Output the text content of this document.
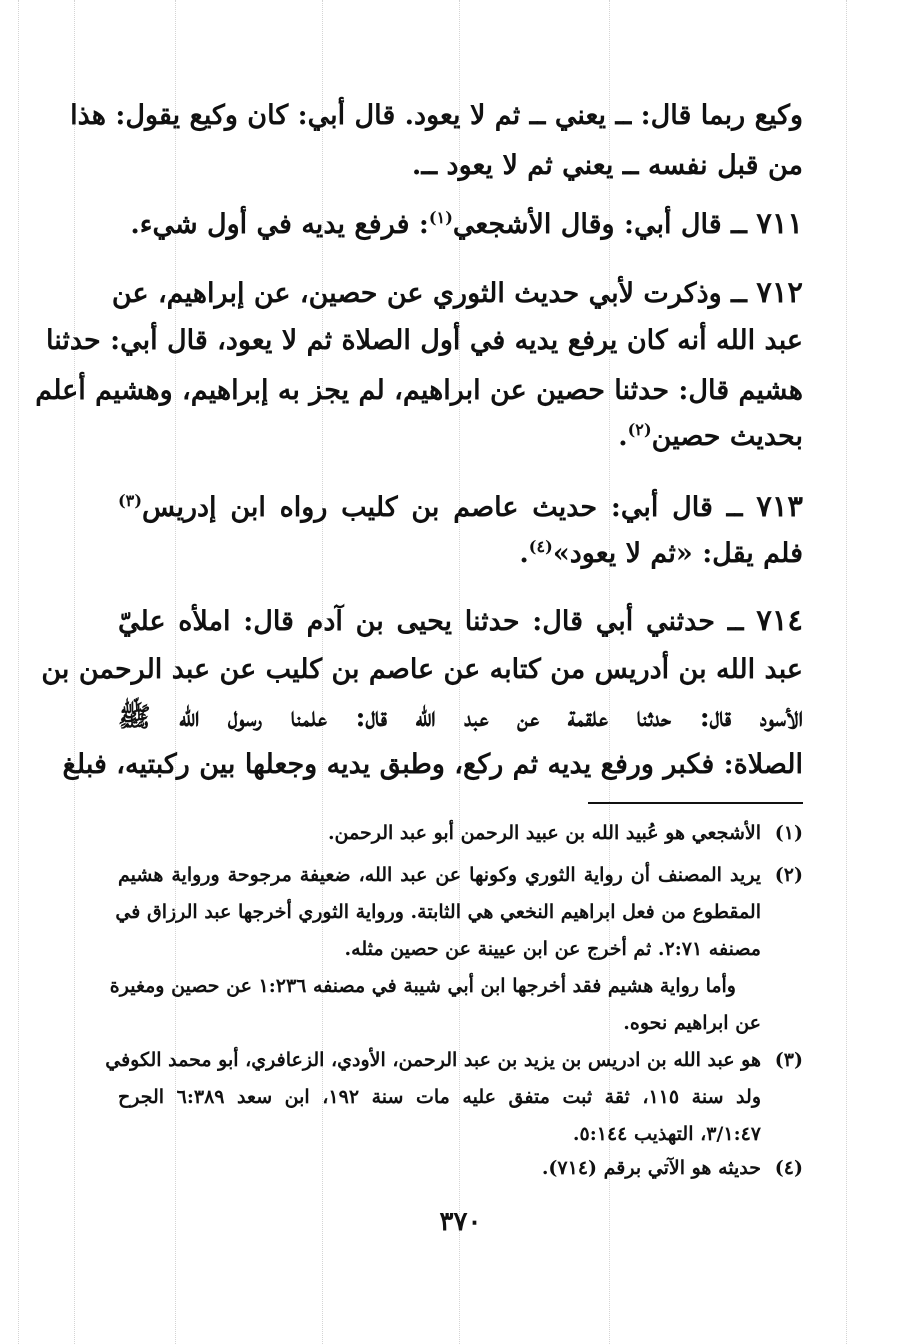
وكيع ربما قال: ــ يعني ــ ثم لا يعود. قال أبي: كان وكيع يقول: هذا
من قبل نفسه ــ يعني ثم لا يعود ــ.
٧١١ ــ قال أبي: وقال الأشجعي$^{(١)}$: فرفع يديه في أول شيء.
٧١٢ ــ وذكرت لأبي حديث الثوري عن حصين، عن إبراهيم، عن
عبد الله أنه كان يرفع يديه في أول الصلاة ثم لا يعود، قال أبي: حدثنا
هشيم قال: حدثنا حصين عن ابراهيم، لم يجز به إبراهيم، وهشيم أعلم
بحديث حصين$^{(٢)}$.
٧١٣ ــ قال أبي: حديث عاصم بن كليب رواه ابن إدريس$^{(٣)}$
فلم يقل: «ثم لا يعود»$^{(٤)}$.
٧١٤ ــ حدثني أبي قال: حدثنا يحيى بن آدم قال: املأه عليّ
عبد الله بن أدريس من كتابه عن عاصم بن كليب عن عبد الرحمن بن
الأسود قال: حدثنا علقمة عن عبد الله قال: علمنا رسول الله ﷺ
الصلاة: فكبر ورفع يديه ثم ركع، وطبق يديه وجعلها بين ركبتيه، فبلغ
(١)
الأشجعي هو عُبيد الله بن عبيد الرحمن أبو عبد الرحمن.
(٢)
يريد المصنف أن رواية الثوري وكونها عن عبد الله، ضعيفة مرجوحة ورواية هشيم
المقطوع من فعل ابراهيم النخعي هي الثابتة. ورواية الثوري أخرجها عبد الرزاق في
مصنفه ٢:٧١. ثم أخرج عن ابن عيينة عن حصين مثله.
وأما رواية هشيم فقد أخرجها ابن أبي شيبة في مصنفه ١:٢٣٦ عن حصين ومغيرة
عن ابراهيم نحوه.
(٣)
هو عبد الله بن ادريس بن يزيد بن عبد الرحمن، الأودي، الزعافري، أبو محمد الكوفي
ولد سنة ١١٥، ثقة ثبت متفق عليه مات سنة ١٩٢، ابن سعد ٦:٣٨٩ الجرح
٣/١:٤٧، التهذيب ٥:١٤٤.
(٤)
حديثه هو الآتي برقم (٧١٤).
٣٧٠
